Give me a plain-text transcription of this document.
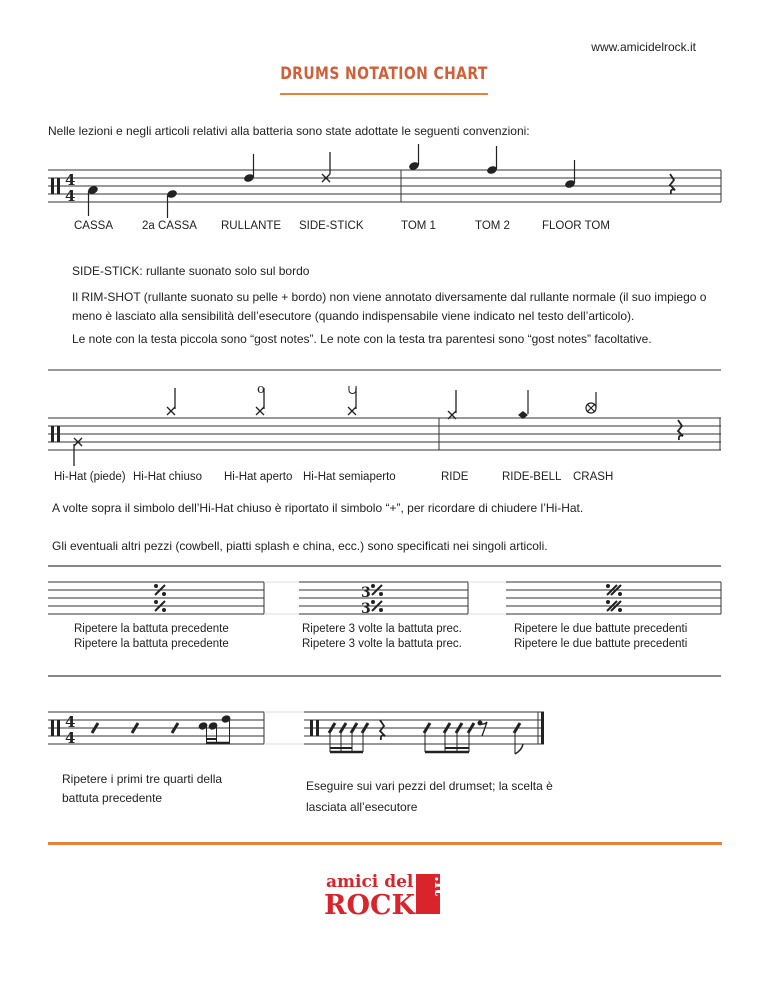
www.amicidelrock.it
DRUMS NOTATION CHART
Nelle lezioni e negli articoli relativi alla batteria sono state adottate le seguenti convenzioni:
4
4
CASSA	2a CASSA RULLANTE SIDE-STICK	TOM 1	TOM 2	FLOOR TOM
SIDE-STICK: rullante suonato solo sul bordo
Il RIM-SHOT (rullante suonato su pelle + bordo) non viene annotato diversamente dal rullante normale (il suo impiego o meno è lasciato alla sensibilità dell’esecutore (quando indispensabile viene indicato nel testo dell’articolo).
Le note con la testa piccola sono “gost notes”. Le note con la testa tra parentesi sono “gost notes” facoltative.
o	∪
Hi-Hat (piede) Hi-Hat chiuso Hi-Hat aperto Hi-Hat semiaperto	RIDE	RIDE-BELL CRASH
A volte sopra il simbolo dell’Hi-Hat chiuso è riportato il simbolo “+”, per ricordare di chiudere l’Hi-Hat.
Gli eventuali altri pezzi (cowbell, piatti splash e china, ecc.) sono specificati nei singoli articoli.
3
3
Ripetere la battuta precedente
Ripetere la battuta precedente
Ripetere 3 volte la battuta prec.
Ripetere 3 volte la battuta prec.
Ripetere le due battute precedenti
Ripetere le due battute precedenti
4
4
Ripetere i primi tre quarti della battuta precedente
Eseguire sui vari pezzi del drumset; la scelta è lasciata all’esecutore
amici del
ROCK
.it
